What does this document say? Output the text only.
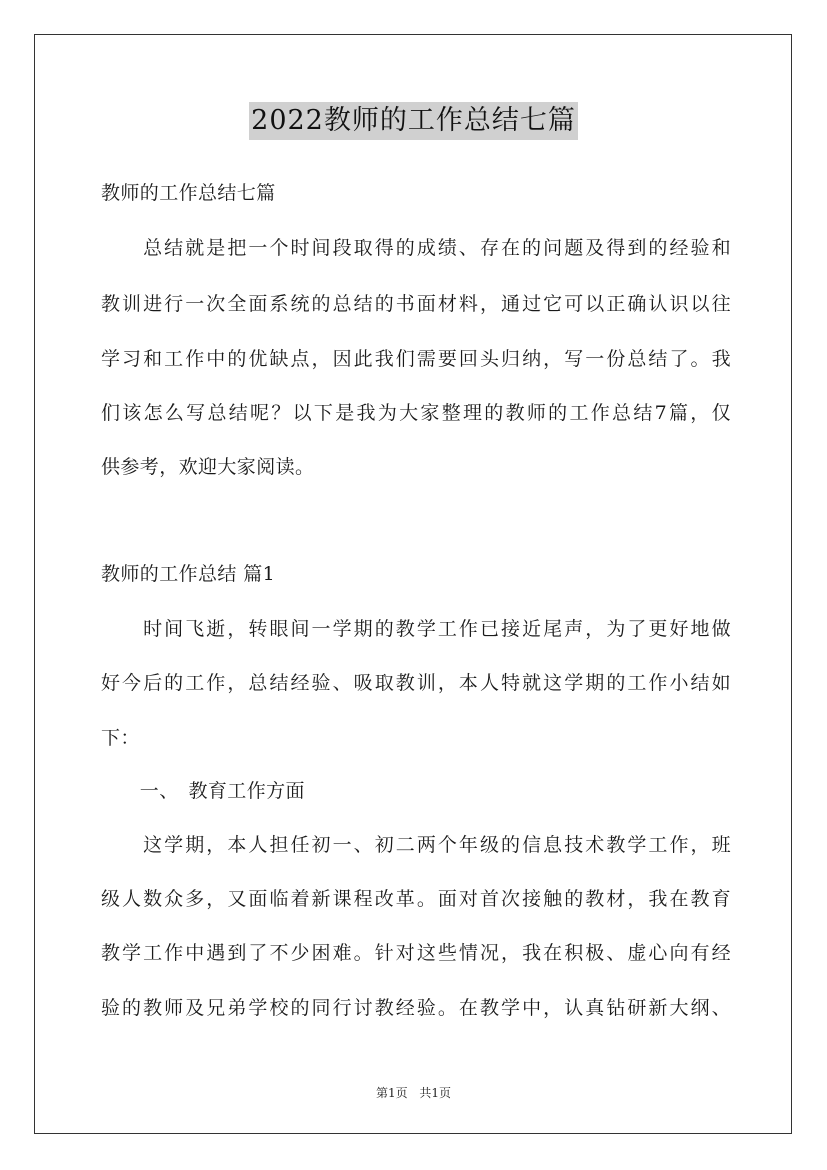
2022教师的工作总结七篇
教师的工作总结七篇
　　总结就是把一个时间段取得的成绩、存在的问题及得到的经验和
教训进行一次全面系统的总结的书面材料，通过它可以正确认识以往
学习和工作中的优缺点，因此我们需要回头归纳，写一份总结了。我
们该怎么写总结呢？以下是我为大家整理的教师的工作总结7篇，仅
供参考，欢迎大家阅读。
教师的工作总结 篇1
　　时间飞逝，转眼间一学期的教学工作已接近尾声，为了更好地做
好今后的工作，总结经验、吸取教训，本人特就这学期的工作小结如
下：
　　一、　教育工作方面
　　这学期，本人担任初一、初二两个年级的信息技术教学工作，班
级人数众多，又面临着新课程改革。面对首次接触的教材，我在教育
教学工作中遇到了不少困难。针对这些情况，我在积极、虚心向有经
验的教师及兄弟学校的同行讨教经验。在教学中，认真钻研新大纲、
第1页 共1页
